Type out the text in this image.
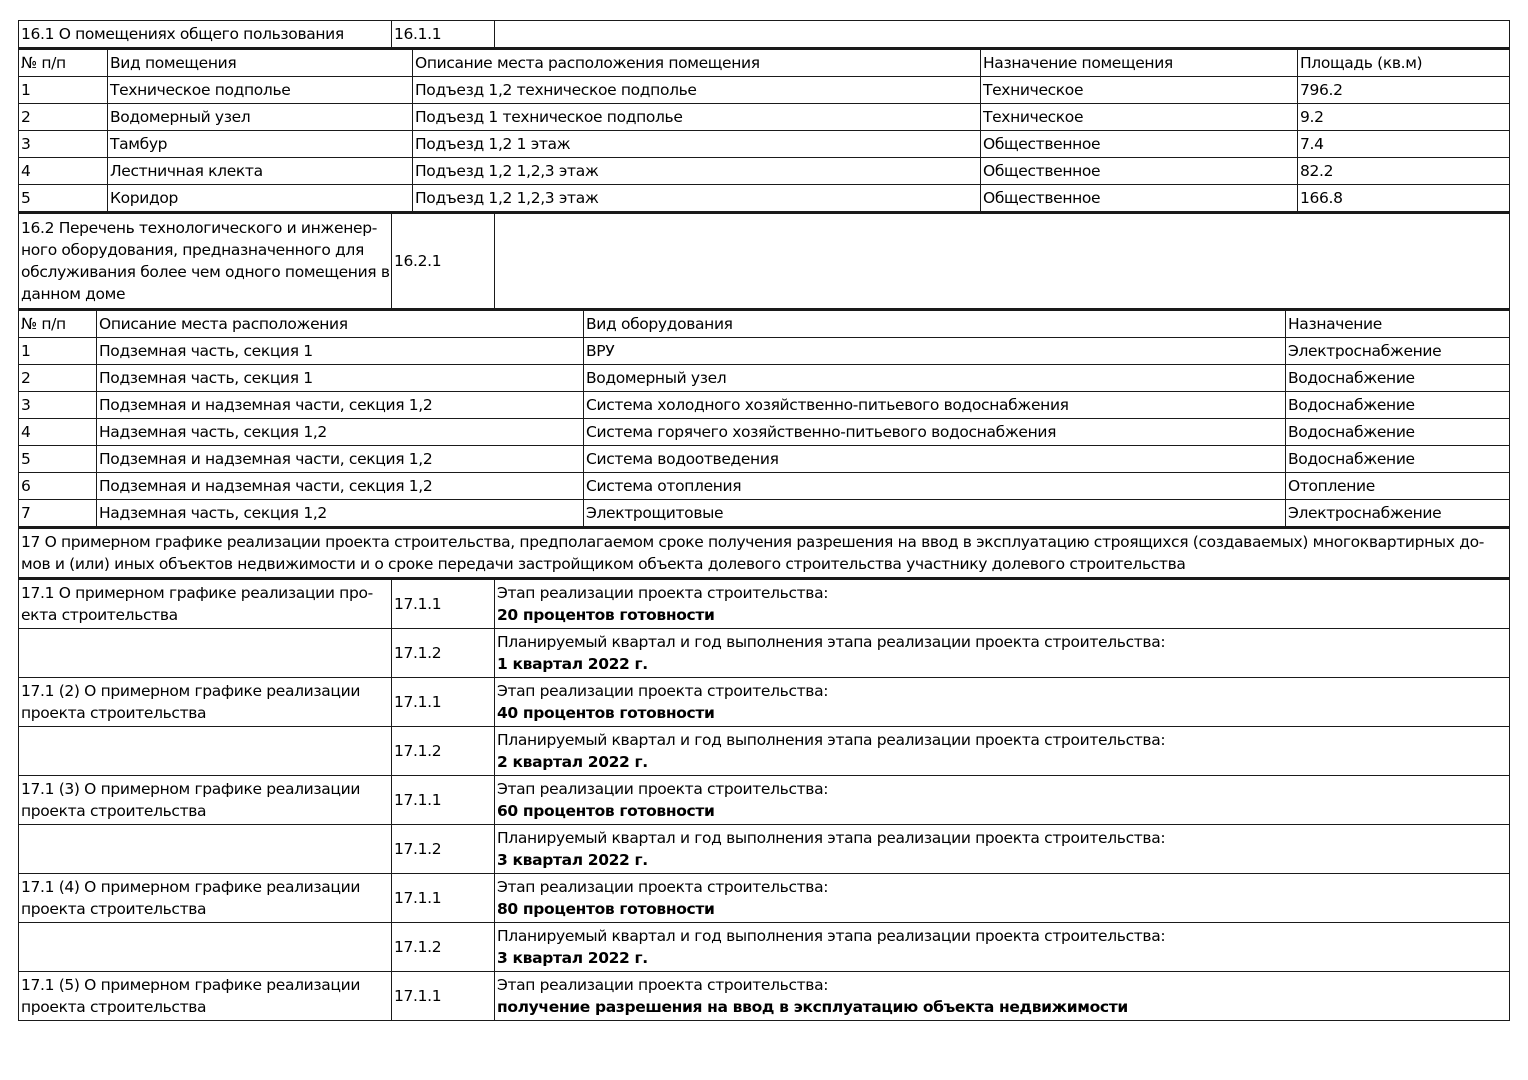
16.1 О помещениях общего пользования	16.1.1	
№ п/п	Вид помещения	Описание места расположения помещения	Назначение помещения	Площадь (кв.м)
1	Техническое подполье	Подъезд 1,2 техническое подполье	Техническое	796.2
2	Водомерный узел	Подъезд 1 техническое подполье	Техническое	9.2
3	Тамбур	Подъезд 1,2 1 этаж	Общественное	7.4
4	Лестничная клекта	Подъезд 1,2 1,2,3 этаж	Общественное	82.2
5	Коридор	Подъезд 1,2 1,2,3 этаж	Общественное	166.8
16.2 Перечень технологического и инженер-ного оборудования, предназначенного для обслуживания более чем одного помещения в данном доме	16.2.1	
№ п/п	Описание места расположения	Вид оборудования	Назначение
1	Подземная часть, секция 1	ВРУ	Электроснабжение
2	Подземная часть, секция 1	Водомерный узел	Водоснабжение
3	Подземная и надземная части, секция 1,2	Система холодного хозяйственно-питьевого водоснабжения	Водоснабжение
4	Надземная часть, секция 1,2	Система горячего хозяйственно-питьевого водоснабжения	Водоснабжение
5	Подземная и надземная части, секция 1,2	Система водоотведения	Водоснабжение
6	Подземная и надземная части, секция 1,2	Система отопления	Отопление
7	Надземная часть, секция 1,2	Электрощитовые	Электроснабжение
17 О примерном графике реализации проекта строительства, предполагаемом сроке получения разрешения на ввод в эксплуатацию строящихся (создаваемых) многоквартирных до-мов и (или) иных объектов недвижимости и о сроке передачи застройщиком объекта долевого строительства участнику долевого строительства
17.1 О примерном графике реализации про-екта строительства	17.1.1	Этап реализации проекта строительства:
20 процентов готовности

	17.1.2	Планируемый квартал и год выполнения этапа реализации проекта строительства:
1 квартал 2022 г.

17.1 (2) О примерном графике реализации проекта строительства	17.1.1	Этап реализации проекта строительства:
40 процентов готовности

	17.1.2	Планируемый квартал и год выполнения этапа реализации проекта строительства:
2 квартал 2022 г.

17.1 (3) О примерном графике реализации проекта строительства	17.1.1	Этап реализации проекта строительства:
60 процентов готовности

	17.1.2	Планируемый квартал и год выполнения этапа реализации проекта строительства:
3 квартал 2022 г.

17.1 (4) О примерном графике реализации проекта строительства	17.1.1	Этап реализации проекта строительства:
80 процентов готовности

	17.1.2	Планируемый квартал и год выполнения этапа реализации проекта строительства:
3 квартал 2022 г.

17.1 (5) О примерном графике реализации проекта строительства	17.1.1	Этап реализации проекта строительства:
получение разрешения на ввод в эксплуатацию объекта недвижимости
